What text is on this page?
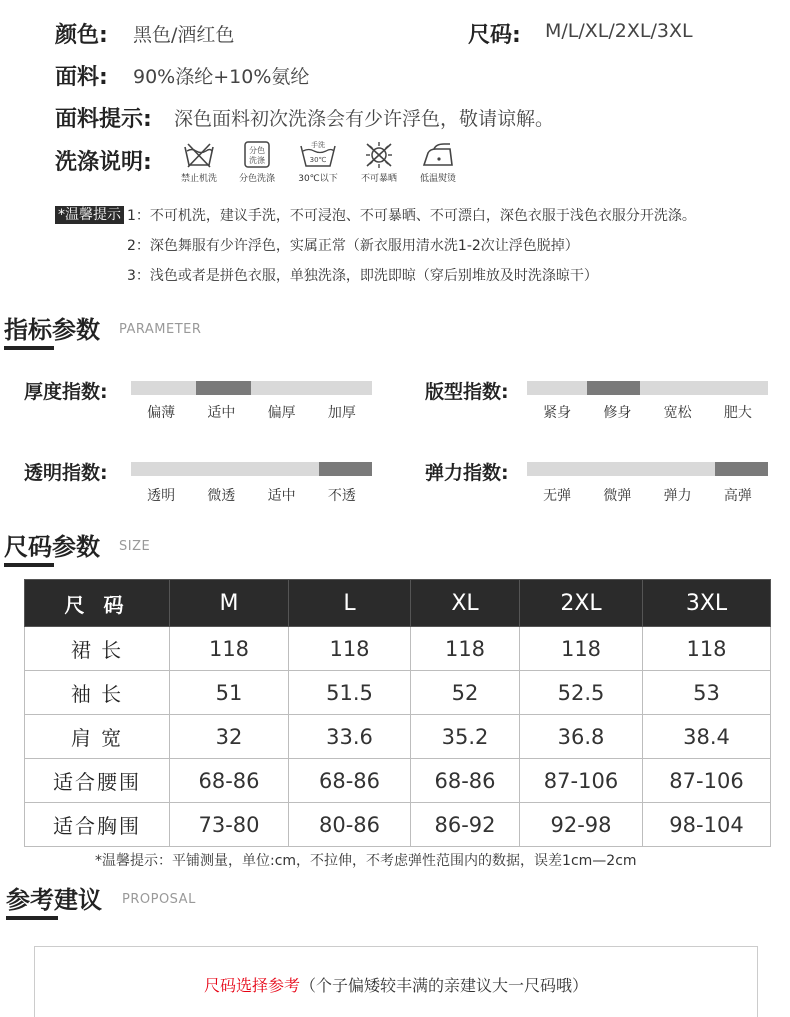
颜色: 黑色/酒红色	尺码: M/L/XL/2XL/3XL
面料: 90%涤纶+10%氨纶
面料提示: 深色面料初次洗涤会有少许浮色，敬请谅解。
洗涤说明:
禁止机洗
分色
洗涤
分色洗涤
手洗
30℃
30℃以下	不可暴晒	低温熨烫
*温馨提示 1：不可机洗，建议手洗，不可浸泡、不可暴晒、不可漂白，深色衣服于浅色衣服分开洗涤。
2：深色舞服有少许浮色，实属正常（新衣服用清水洗1-2次让浮色脱掉）
3：浅色或者是拼色衣服，单独洗涤，即洗即晾（穿后别堆放及时洗涤晾干）
指标参数 PARAMETER
厚度指数:	版型指数:
透明指数:	弹力指数:
尺码参数 SIZE
尺 码	M	L	XL	2XL	3XL
裙 长	118	118	118	118	118
袖 长	51	51.5	52	52.5	53
肩 宽	32	33.6	35.2	36.8	38.4
适合腰围	68-86	68-86	68-86	87-106	87-106
适合胸围	73-80	80-86	86-92	92-98	98-104
*温馨提示：平铺测量，单位:cm，不拉伸，不考虑弹性范围内的数据，误差1cm—2cm
参考建议 PROPOSAL
尺码选择参考（个子偏矮较丰满的亲建议大一尺码哦）
偏薄	适中	偏厚	加厚	紧身	修身	宽松	肥大
透明	微透	适中	不透	无弹	微弹	弹力	高弹
